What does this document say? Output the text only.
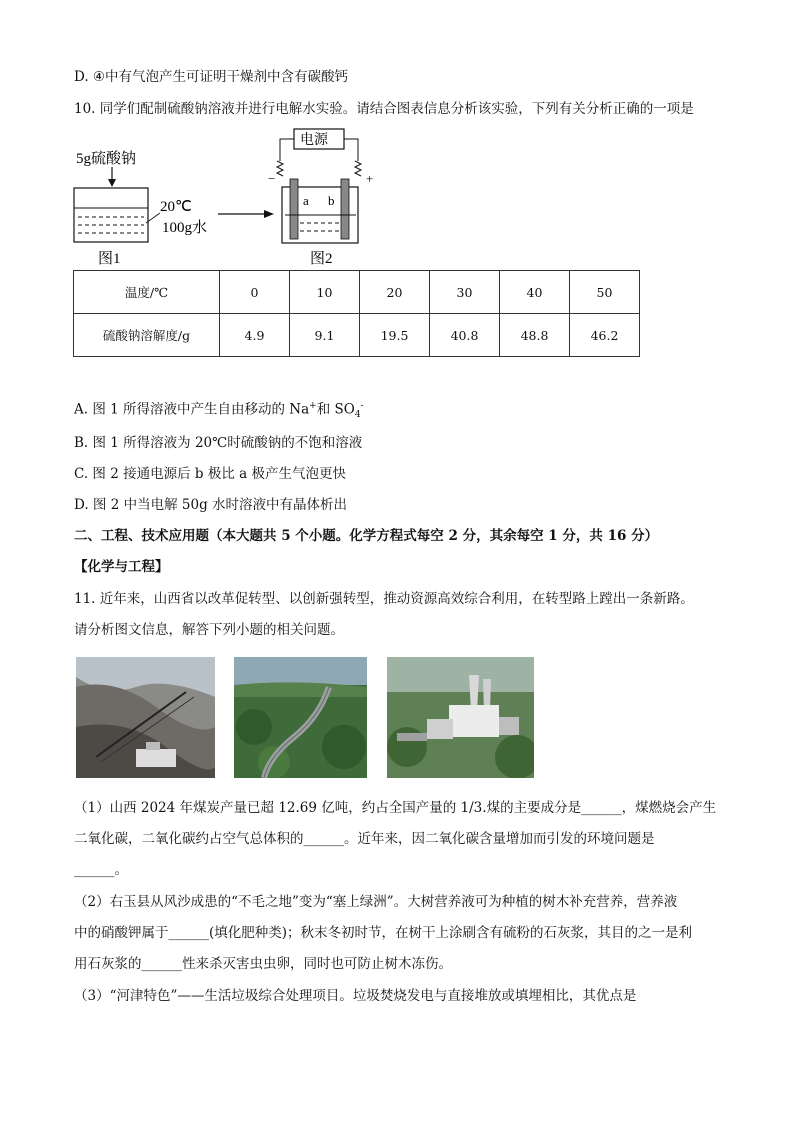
D. ④中有气泡产生可证明干燥剂中含有碳酸钙
10. 同学们配制硫酸钠溶液并进行电解水实验。请结合图表信息分析该实验，下列有关分析正确的一项是
5g硫酸钠
20℃
100g水
图1
电源
−	+
a b
图2
温度/℃	0	10	20	30	40	50
硫酸钠溶解度/g	4.9	9.1	19.5	40.8	48.8	46.2
A. 图 1 所得溶液中产生自由移动的 Na+和 $SO_4^-$
B. 图 1 所得溶液为 20℃时硫酸钠的不饱和溶液
C. 图 2 接通电源后 b 极比 a 极产生气泡更快
D. 图 2 中当电解 50g 水时溶液中有晶体析出
二、工程、技术应用题（本大题共 5 个小题。化学方程式每空 2 分，其余每空 1 分，共 16 分）
【化学与工程】
11. 近年来，山西省以改革促转型、以创新强转型，推动资源高效综合利用，在转型路上蹚出一条新路。
请分析图文信息，解答下列小题的相关问题。
（1）山西 2024 年煤炭产量已超 12.69 亿吨，约占全国产量的 1/3.煤的主要成分是______，煤燃烧会产生
二氧化碳，二氧化碳约占空气总体积的______。近年来，因二氧化碳含量增加而引发的环境问题是
______。
（2）右玉县从风沙成患的“不毛之地”变为“塞上绿洲”。大树营养液可为种植的树木补充营养，营养液
中的硝酸钾属于______(填化肥种类)；秋末冬初时节，在树干上涂刷含有硫粉的石灰浆，其目的之一是利
用石灰浆的______性来杀灭害虫虫卵，同时也可防止树木冻伤。
（3）“河津特色”——生活垃圾综合处理项目。垃圾焚烧发电与直接堆放或填埋相比，其优点是
